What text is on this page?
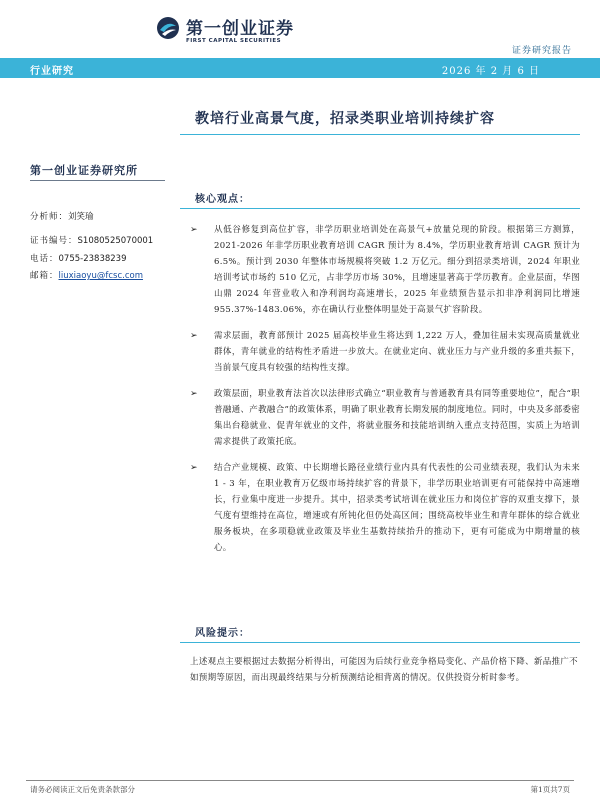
第一创业证券
FIRST CAPITAL SECURITIES
证券研究报告
行业研究	2026 年 2 月 6 日
教培行业高景气度，招录类职业培训持续扩容
第一创业证券研究所
分析师：刘笑瑜
证书编号：S1080525070001
电话：0755-23838239
邮箱：liuxiaoyu@fcsc.com
核心观点：
➢ 从低谷修复到高位扩容，非学历职业培训处在高景气+放量兑现的阶段。根据第三方测算，2021-2026 年非学历职业教育培训 CAGR 预计为 8.4%，学历职业教育培训 CAGR 预计为 6.5%。预计到 2030 年整体市场规模将突破 1.2 万亿元。细分到招录类培训，2024 年职业培训考试市场约 510 亿元，占非学历市场 30%，且增速显著高于学历教育。企业层面，华图山鼎 2024 年营业收入和净利润均高速增长，2025 年业绩预告显示扣非净利润同比增速 955.37%-1483.06%，亦在确认行业整体明显处于高景气扩容阶段。
➢ 需求层面，教育部预计 2025 届高校毕业生将达到 1,222 万人，叠加往届未实现高质量就业群体，青年就业的结构性矛盾进一步放大。在就业定向、就业压力与产业升级的多重共振下，当前景气度具有较强的结构性支撑。
➢ 政策层面，职业教育法首次以法律形式确立“职业教育与普通教育具有同等重要地位”，配合“职普融通、产教融合”的政策体系，明确了职业教育长期发展的制度地位。同时，中央及多部委密集出台稳就业、促青年就业的文件，将就业服务和技能培训纳入重点支持范围，实质上为培训需求提供了政策托底。
➢ 结合产业规模、政策、中长期增长路径业绩行业内具有代表性的公司业绩表现，我们认为未来 1 - 3 年，在职业教育万亿级市场持续扩容的背景下，非学历职业培训更有可能保持中高速增长，行业集中度进一步提升。其中，招录类考试培训在就业压力和岗位扩容的双重支撑下，景气度有望维持在高位，增速或有所钝化但仍处高区间；围绕高校毕业生和青年群体的综合就业服务板块，在多项稳就业政策及毕业生基数持续抬升的推动下，更有可能成为中期增量的核心。
风险提示：
上述观点主要根据过去数据分析得出，可能因为后续行业竞争格局变化、产品价格下降、新品推广不如预期等原因，而出现最终结果与分析预测结论相背离的情况。仅供投资分析时参考。
请务必阅读正文后免责条款部分	第1页共7页
